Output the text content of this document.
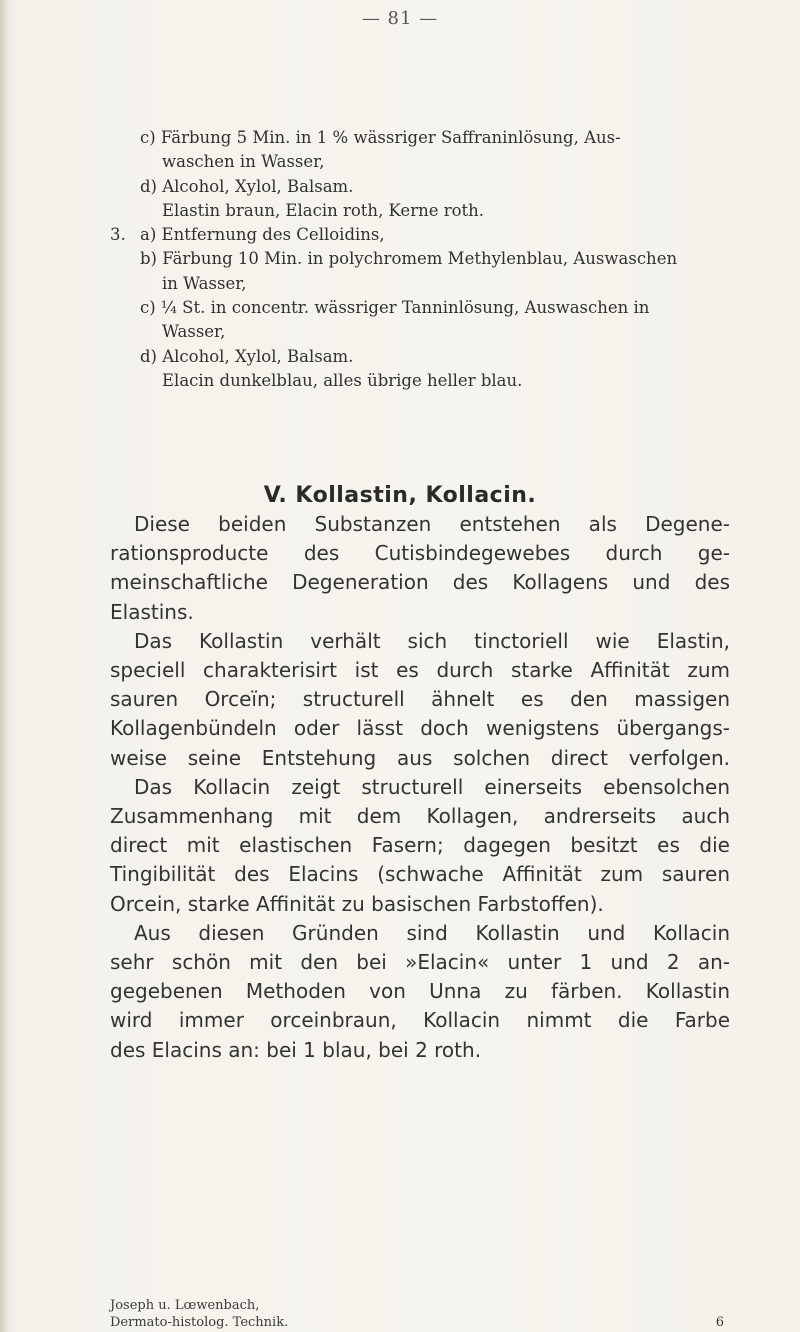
— 81 —
c) Färbung 5 Min. in 1 % wässriger Saffraninlösung, Aus-
waschen in Wasser,
d) Alcohol, Xylol, Balsam.
Elastin braun, Elacin roth, Kerne roth.
3. a) Entfernung des Celloidins,
b) Färbung 10 Min. in polychromem Methylenblau, Auswaschen
in Wasser,
c) ¼ St. in concentr. wässriger Tanninlösung, Auswaschen in
Wasser,
d) Alcohol, Xylol, Balsam.
Elacin dunkelblau, alles übrige heller blau.
V. Kollastin, Kollacin.
Diese beiden Substanzen entstehen als Degene-
rationsproducte des Cutisbindegewebes durch ge-
meinschaftliche Degeneration des Kollagens und des
Elastins.
Das Kollastin verhält sich tinctoriell wie Elastin,
speciell charakterisirt ist es durch starke Affinität zum
sauren Orceïn; structurell ähnelt es den massigen
Kollagenbündeln oder lässt doch wenigstens übergangs-
weise seine Entstehung aus solchen direct verfolgen.
Das Kollacin zeigt structurell einerseits ebensolchen
Zusammenhang mit dem Kollagen, andrerseits auch
direct mit elastischen Fasern; dagegen besitzt es die
Tingibilität des Elacins (schwache Affinität zum sauren
Orcein, starke Affinität zu basischen Farbstoffen).
Aus diesen Gründen sind Kollastin und Kollacin
sehr schön mit den bei »Elacin« unter 1 und 2 an-
gegebenen Methoden von Unna zu färben. Kollastin
wird immer orceinbraun, Kollacin nimmt die Farbe
des Elacins an: bei 1 blau, bei 2 roth.
Joseph u. Lœwenbach,
Dermato-histolog. Technik.	6
